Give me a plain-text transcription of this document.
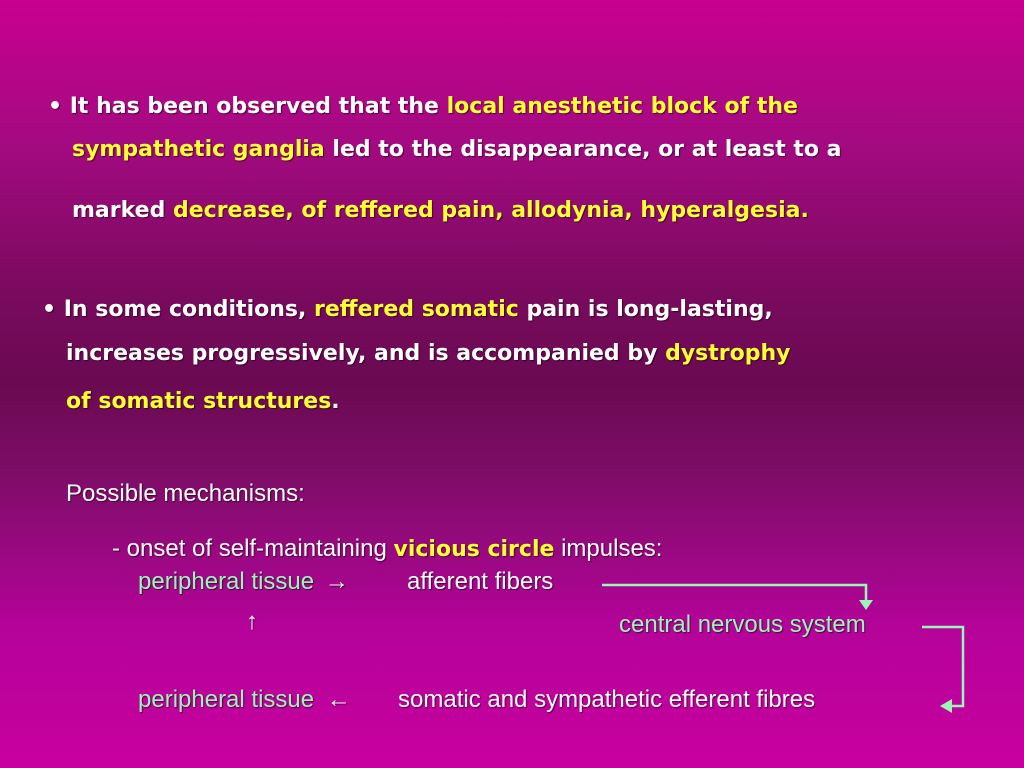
• It has been observed that the local anesthetic block of the
sympathetic ganglia led to the disappearance, or at least to a
marked decrease, of reffered pain, allodynia, hyperalgesia.
• In some conditions, reffered somatic pain is long-lasting,
increases progressively, and is accompanied by dystrophy
of somatic structures.
Possible mechanisms:
- onset of self-maintaining vicious circle impulses:
peripheral tissue → afferent fibers
↑	central nervous system
peripheral tissue ← somatic and sympathetic efferent fibres
